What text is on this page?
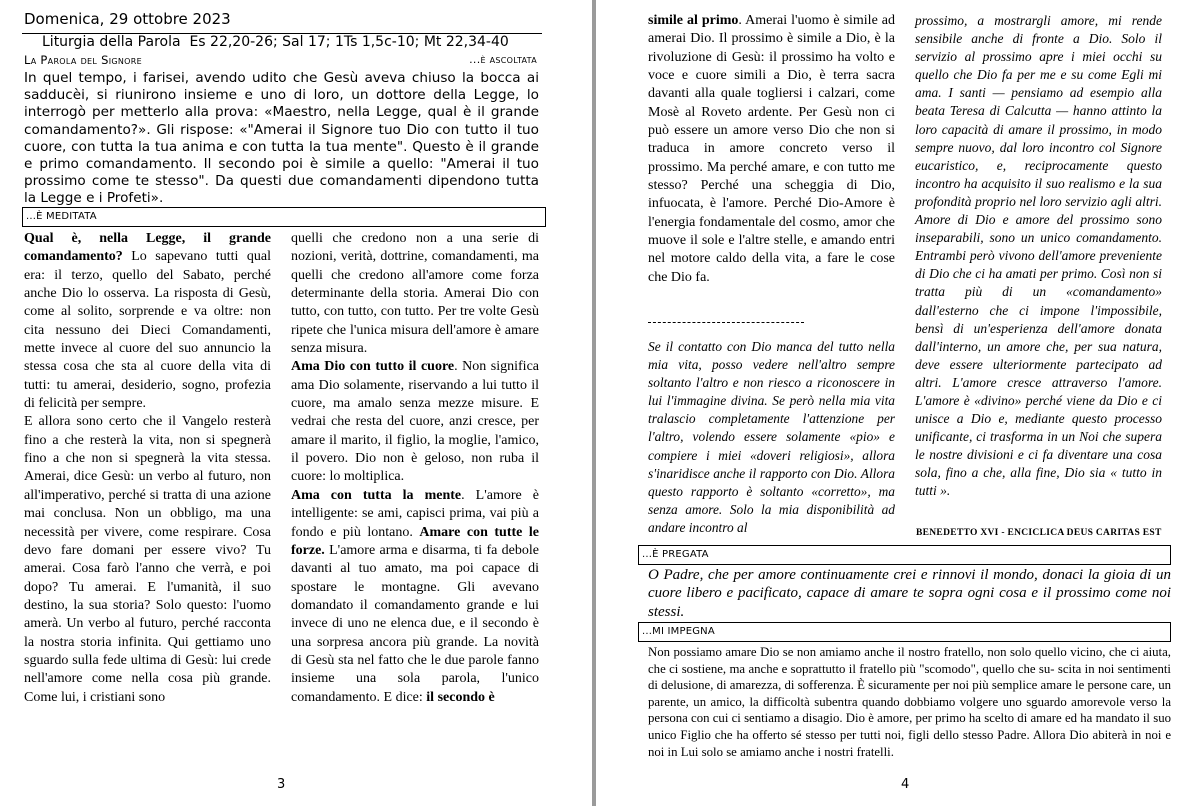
Domenica, 29 ottobre 2023
Liturgia della Parola  Es 22,20-26; Sal 17; 1Ts 1,5c-10; Mt 22,34-40
La Parola del Signore	...è ascoltata
In quel tempo, i farisei, avendo udito che Gesù aveva chiuso la bocca ai sadducèi, si riunirono insieme e uno di loro, un dottore della Legge, lo interrogò per metterlo alla prova: «Maestro, nella Legge, qual è il grande comandamento?». Gli rispose: «"Amerai il Signore tuo Dio con tutto il tuo cuore, con tutta la tua anima e con tutta la tua mente". Questo è il grande e primo comandamento. Il secondo poi è simile a quello: "Amerai il tuo prossimo come te stesso". Da questi due comandamenti dipendono tutta la Legge e i Profeti».
...È MEDITATA

Qual è, nella Legge, il grande comandamento? Lo sapevano tutti qual era: il terzo, quello del Sabato, perché anche Dio lo osserva. La risposta di Gesù, come al solito, sorprende e va oltre: non cita nessuno dei Dieci Comandamenti, mette invece al cuore del suo annuncio la stessa cosa che sta al cuore della vita di tutti: tu amerai, desiderio, sogno, profezia di felicità per sempre.

E allora sono certo che il Vangelo resterà fino a che resterà la vita, non si spegnerà fino a che non si spegnerà la vita stessa. Amerai, dice Gesù: un verbo al futuro, non all'imperativo, perché si tratta di una azione mai conclusa. Non un obbligo, ma una necessità per vivere, come respirare. Cosa devo fare domani per essere vivo? Tu amerai. Cosa farò l'anno che verrà, e poi dopo? Tu amerai. E l'umanità, il suo destino, la sua storia? Solo questo: l'uomo amerà. Un verbo al futuro, perché racconta la nostra storia infinita. Qui gettiamo uno sguardo sulla fede ultima di Gesù: lui crede nell'amore come nella cosa più grande. Come lui, i cristiani sono

quelli che credono non a una serie di nozioni, verità, dottrine, comandamenti, ma quelli che credono all'amore come forza determinante della storia. Amerai Dio con tutto, con tutto, con tutto. Per tre volte Gesù ripete che l'unica misura dell'amore è amare senza misura.

Ama Dio con tutto il cuore. Non significa ama Dio solamente, riservando a lui tutto il cuore, ma amalo senza mezze misure. E vedrai che resta del cuore, anzi cresce, per amare il marito, il figlio, la moglie, l'amico, il povero. Dio non è geloso, non ruba il cuore: lo moltiplica.

Ama con tutta la mente. L'amore è intelligente: se ami, capisci prima, vai più a fondo e più lontano. Amare con tutte le forze. L'amore arma e disarma, ti fa debole davanti al tuo amato, ma poi capace di spostare le montagne. Gli avevano domandato il comandamento grande e lui invece di uno ne elenca due, e il secondo è una sorpresa ancora più grande. La novità di Gesù sta nel fatto che le due parole fanno insieme una sola parola, l'unico comandamento. E dice: il secondo è

3

simile al primo. Amerai l'uomo è simile ad amerai Dio. Il prossimo è simile a Dio, è la rivoluzione di Gesù: il prossimo ha volto e voce e cuore simili a Dio, è terra sacra davanti alla quale togliersi i calzari, come Mosè al Roveto ardente. Per Gesù non ci può essere un amore verso Dio che non si traduca in amore concreto verso il prossimo. Ma perché amare, e con tutto me stesso? Perché una scheggia di Dio, infuocata, è l'amore. Perché Dio-Amore è l'energia fondamentale del cosmo, amor che muove il sole e l'altre stelle, e amando entri nel motore caldo della vita, a fare le cose che Dio fa.

Se il contatto con Dio manca del tutto nella mia vita, posso vedere nell'altro sempre soltanto l'altro e non riesco a riconoscere in lui l'immagine divina. Se però nella mia vita tralascio completamente l'attenzione per l'altro, volendo essere solamente «pio» e compiere i miei «doveri religiosi», allora s'inaridisce anche il rapporto con Dio. Allora questo rapporto è soltanto «corretto», ma senza amore. Solo la mia disponibilità ad andare incontro al
prossimo, a mostrargli amore, mi rende sensibile anche di fronte a Dio. Solo il servizio al prossimo apre i miei occhi su quello che Dio fa per me e su come Egli mi ama. I santi — pensiamo ad esempio alla beata Teresa di Calcutta — hanno attinto la loro capacità di amare il prossimo, in modo sempre nuovo, dal loro incontro col Signore eucaristico, e, reciprocamente questo incontro ha acquisito il suo realismo e la sua profondità proprio nel loro servizio agli altri. Amore di Dio e amore del prossimo sono inseparabili, sono un unico comandamento. Entrambi però vivono dell'amore preveniente di Dio che ci ha amati per primo. Così non si tratta più di un «comandamento» dall'esterno che ci impone l'impossibile, bensì di un'esperienza dell'amore donata dall'interno, un amore che, per sua natura, deve essere ulteriormente partecipato ad altri. L'amore cresce attraverso l'amore. L'amore è «divino» perché viene da Dio e ci unisce a Dio e, mediante questo processo unificante, ci trasforma in un Noi che supera le nostre divisioni e ci fa diventare una cosa sola, fino a che, alla fine, Dio sia « tutto in tutti ».
BENEDETTO XVI - ENCICLICA DEUS CARITAS EST
...È PREGATA
O Padre, che per amore continuamente crei e rinnovi il mondo, donaci la gioia di un cuore libero e pacificato, capace di amare te sopra ogni cosa e il prossimo come noi stessi.
...MI IMPEGNA
Non possiamo amare Dio se non amiamo anche il nostro fratello, non solo quello vicino, che ci aiuta, che ci sostiene, ma anche e soprattutto il fratello più "scomodo", quello che su- scita in noi sentimenti di delusione, di amarezza, di sofferenza. È sicuramente per noi più semplice amare le persone care, un parente, un amico, la difficoltà subentra quando dobbiamo volgere uno sguardo amorevole verso la persona con cui ci sentiamo a disagio. Dio è amore, per primo ha scelto di amare ed ha mandato il suo unico Figlio che ha offerto sé stesso per tutti noi, figli dello stesso Padre. Allora Dio abiterà in noi e noi in Lui solo se amiamo anche i nostri fratelli.
4
